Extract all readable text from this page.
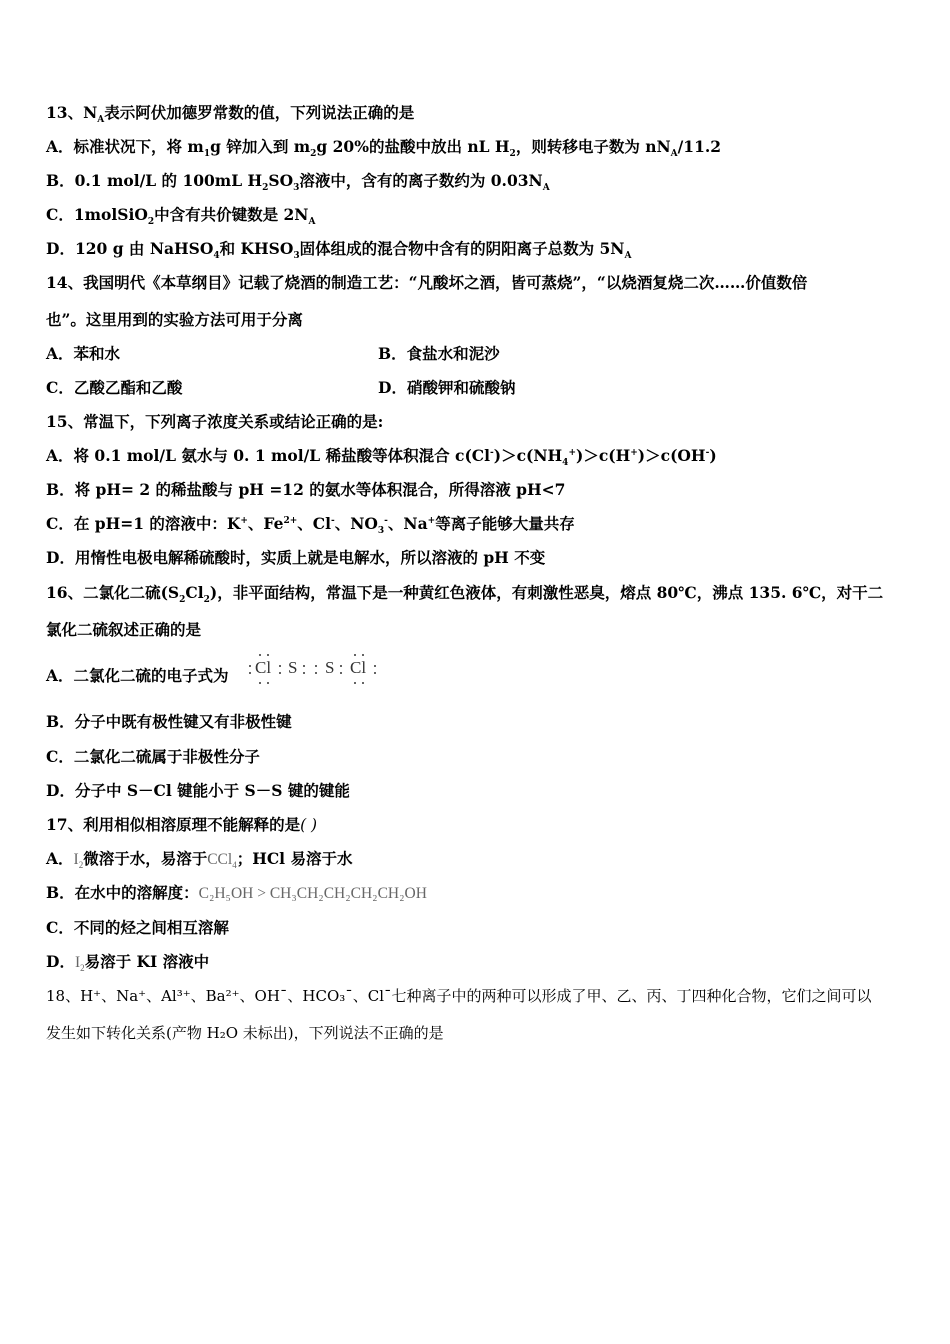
13、$N_A$表示阿伏加德罗常数的值，下列说法正确的是
A．标准状况下，将 $m_1g$ 锌加入到 $m_2g$ 20%的盐酸中放出 nL $H_2$，则转移电子数为 $nN_A/11.2$
B．0.1 mol/L 的 100mL $H_2SO_3$溶液中，含有的离子数约为 $0.03N_A$
C．1molSiO$_2$中含有共价键数是 $2N_A$
D．120 g 由 NaHSO$_4$和 $KHSO_3$固体组成的混合物中含有的阴阳离子总数为 $5N_A$
14、我国明代《本草纲目》记载了烧酒的制造工艺：“凡酸坏之酒，皆可蒸烧”，“以烧酒复烧二次……价值数倍
也”。这里用到的实验方法可用于分离
A．苯和水	B．食盐水和泥沙
C．乙酸乙酯和乙酸	D．硝酸钾和硫酸钠
15、常温下，下列离子浓度关系或结论正确的是:
A．将 0.1 mol/L 氨水与 0. 1 mol/L 稀盐酸等体积混合 $c(Cl^-)>c(NH_4^+)>c(H^+)>c(OH^-)$
B．将 pH= 2 的稀盐酸与 pH =12 的氨水等体积混合，所得溶液 pH<7
C．在 pH=1 的溶液中：K+、$Fe^{2+}$、Cl-、$NO_3^-$、Na+等离子能够大量共存
D．用惰性电极电解稀硫酸时，实质上就是电解水，所以溶液的 pH 不变
16、二氯化二硫$(S_2Cl_2)$，非平面结构，常温下是一种黄红色液体，有刺激性恶臭，熔点 80℃，沸点 135. 6℃，对干二
氯化二硫叙述正确的是
A．二氯化二硫的电子式为 Cl S S Cl
B．分子中既有极性键又有非极性键
C．二氯化二硫属于非极性分子
D．分子中 S－Cl 键能小于 S－S 键的键能
17、利用相似相溶原理不能解释的是( )
A．$I_2$微溶于水，易溶于CCl$_4$；HCl 易溶于水
B．在水中的溶解度：C₂H₅OH > CH₃CH₂CH₂CH₂CH₂OH
C．不同的烃之间相互溶解
D．$I_2$易溶于 KI 溶液中
18、H⁺、Na⁺、Al³⁺、Ba²⁺、OH¯、HCO₃¯、Cl¯七种离子中的两种可以形成了甲、乙、丙、丁四种化合物，它们之间可以
发生如下转化关系(产物 H₂O 未标出)，下列说法不正确的是
